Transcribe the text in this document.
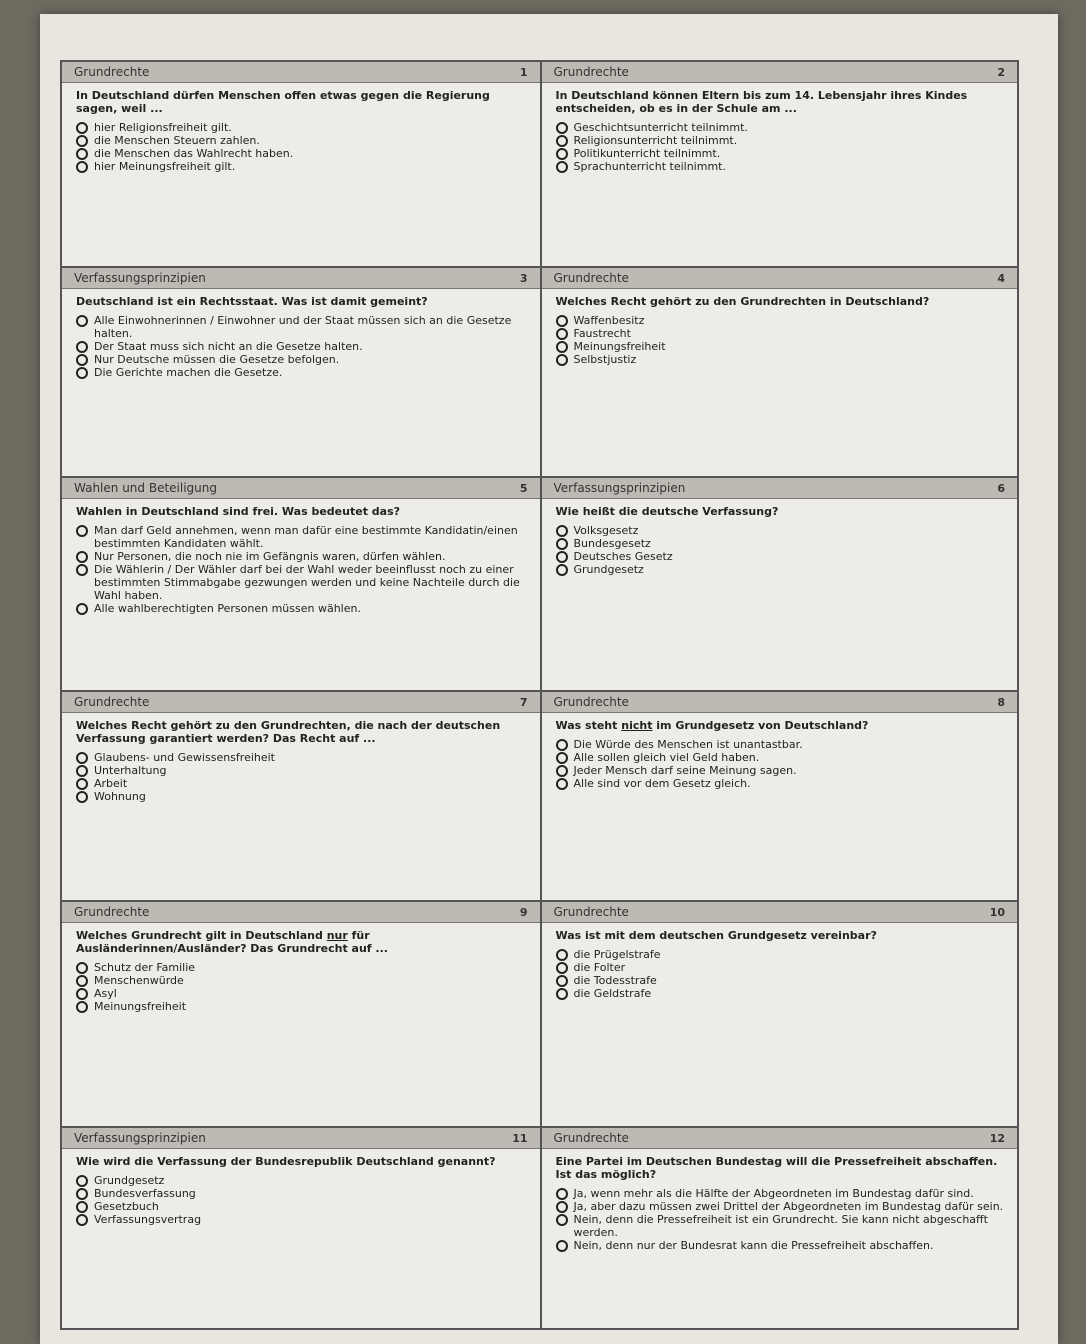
Grundrechte	1
In Deutschland dürfen Menschen offen etwas gegen die Regierung sagen, weil ...
hier Religionsfreiheit gilt.
die Menschen Steuern zahlen.
die Menschen das Wahlrecht haben.
hier Meinungsfreiheit gilt.
Grundrechte	2
In Deutschland können Eltern bis zum 14. Lebensjahr ihres Kindes entscheiden, ob es in der Schule am ...
Geschichtsunterricht teilnimmt.
Religionsunterricht teilnimmt.
Politikunterricht teilnimmt.
Sprachunterricht teilnimmt.
Verfassungsprinzipien	3
Deutschland ist ein Rechtsstaat. Was ist damit gemeint?
Alle Einwohnerinnen / Einwohner und der Staat müssen sich an die Gesetze halten.
Der Staat muss sich nicht an die Gesetze halten.
Nur Deutsche müssen die Gesetze befolgen.
Die Gerichte machen die Gesetze.
Grundrechte	4
Welches Recht gehört zu den Grundrechten in Deutschland?
Waffenbesitz
Faustrecht
Meinungsfreiheit
Selbstjustiz
Wahlen und Beteiligung	5
Wahlen in Deutschland sind frei. Was bedeutet das?
Man darf Geld annehmen, wenn man dafür eine bestimmte Kandidatin/einen bestimmten Kandidaten wählt.
Nur Personen, die noch nie im Gefängnis waren, dürfen wählen.
Die Wählerin / Der Wähler darf bei der Wahl weder beeinflusst noch zu einer bestimmten Stimmabgabe gezwungen werden und keine Nachteile durch die Wahl haben.
Alle wahlberechtigten Personen müssen wählen.
Verfassungsprinzipien	6
Wie heißt die deutsche Verfassung?
Volksgesetz
Bundesgesetz
Deutsches Gesetz
Grundgesetz
Grundrechte	7
Welches Recht gehört zu den Grundrechten, die nach der deutschen Verfassung garantiert werden? Das Recht auf ...
Glaubens- und Gewissensfreiheit
Unterhaltung
Arbeit
Wohnung
Grundrechte	8
Was steht nicht im Grundgesetz von Deutschland?
Die Würde des Menschen ist unantastbar.
Alle sollen gleich viel Geld haben.
Jeder Mensch darf seine Meinung sagen.
Alle sind vor dem Gesetz gleich.
Grundrechte	9
Welches Grundrecht gilt in Deutschland nur für Ausländerinnen/Ausländer? Das Grundrecht auf ...
Schutz der Familie
Menschenwürde
Asyl
Meinungsfreiheit
Grundrechte	10
Was ist mit dem deutschen Grundgesetz vereinbar?
die Prügelstrafe
die Folter
die Todesstrafe
die Geldstrafe
Verfassungsprinzipien	11
Wie wird die Verfassung der Bundesrepublik Deutschland genannt?
Grundgesetz
Bundesverfassung
Gesetzbuch
Verfassungsvertrag
Grundrechte	12
Eine Partei im Deutschen Bundestag will die Pressefreiheit abschaffen. Ist das möglich?
Ja, wenn mehr als die Hälfte der Abgeordneten im Bundestag dafür sind.
Ja, aber dazu müssen zwei Drittel der Abgeordneten im Bundestag dafür sein.
Nein, denn die Pressefreiheit ist ein Grundrecht. Sie kann nicht abgeschafft werden.
Nein, denn nur der Bundesrat kann die Pressefreiheit abschaffen.
